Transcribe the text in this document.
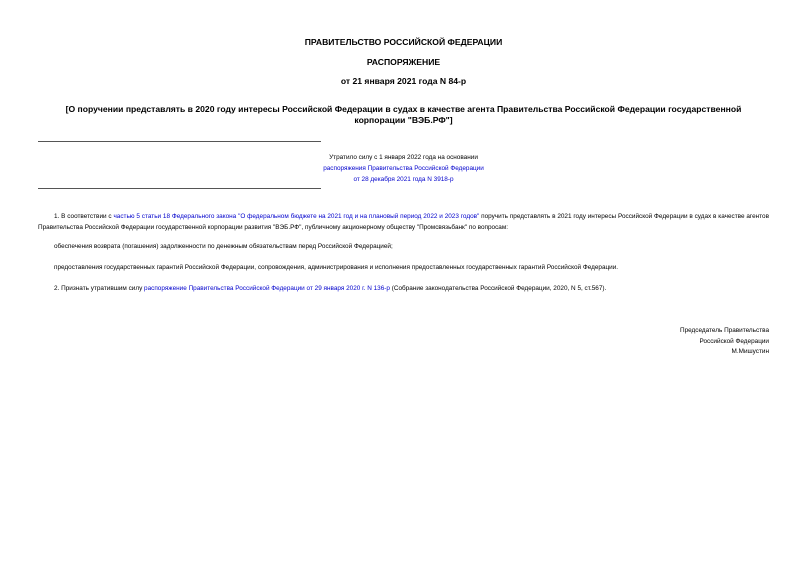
ПРАВИТЕЛЬСТВО РОССИЙСКОЙ ФЕДЕРАЦИИ

РАСПОРЯЖЕНИЕ

от 21 января 2021 года N 84-р

[О поручении представлять в 2020 году интересы Российской Федерации в судах в качестве агента Правительства Российской Федерации государственной корпорации "ВЭБ.РФ"]

Утратило силу с 1 января 2022 года на основании

распоряжения Правительства Российской Федерации

от 28 декабря 2021 года N 3918-р

1. В соответствии с частью 5 статьи 18 Федерального закона "О федеральном бюджете на 2021 год и на плановый период 2022 и 2023 годов" поручить представлять в 2021 году интересы Российской Федерации в судах в качестве агентов Правительства Российской Федерации государственной корпорации развития "ВЭБ.РФ", публичному акционерному обществу "Промсвязьбанк" по вопросам:

обеспечения возврата (погашения) задолженности по денежным обязательствам перед Российской Федерацией;

предоставления государственных гарантий Российской Федерации, сопровождения, администрирования и исполнения предоставленных государственных гарантий Российской Федерации.

2. Признать утратившим силу распоряжение Правительства Российской Федерации от 29 января 2020 г. N 136-р (Собрание законодательства Российской Федерации, 2020, N 5, ст.567).

Председатель Правительства
Российской Федерации
М.Мишустин
